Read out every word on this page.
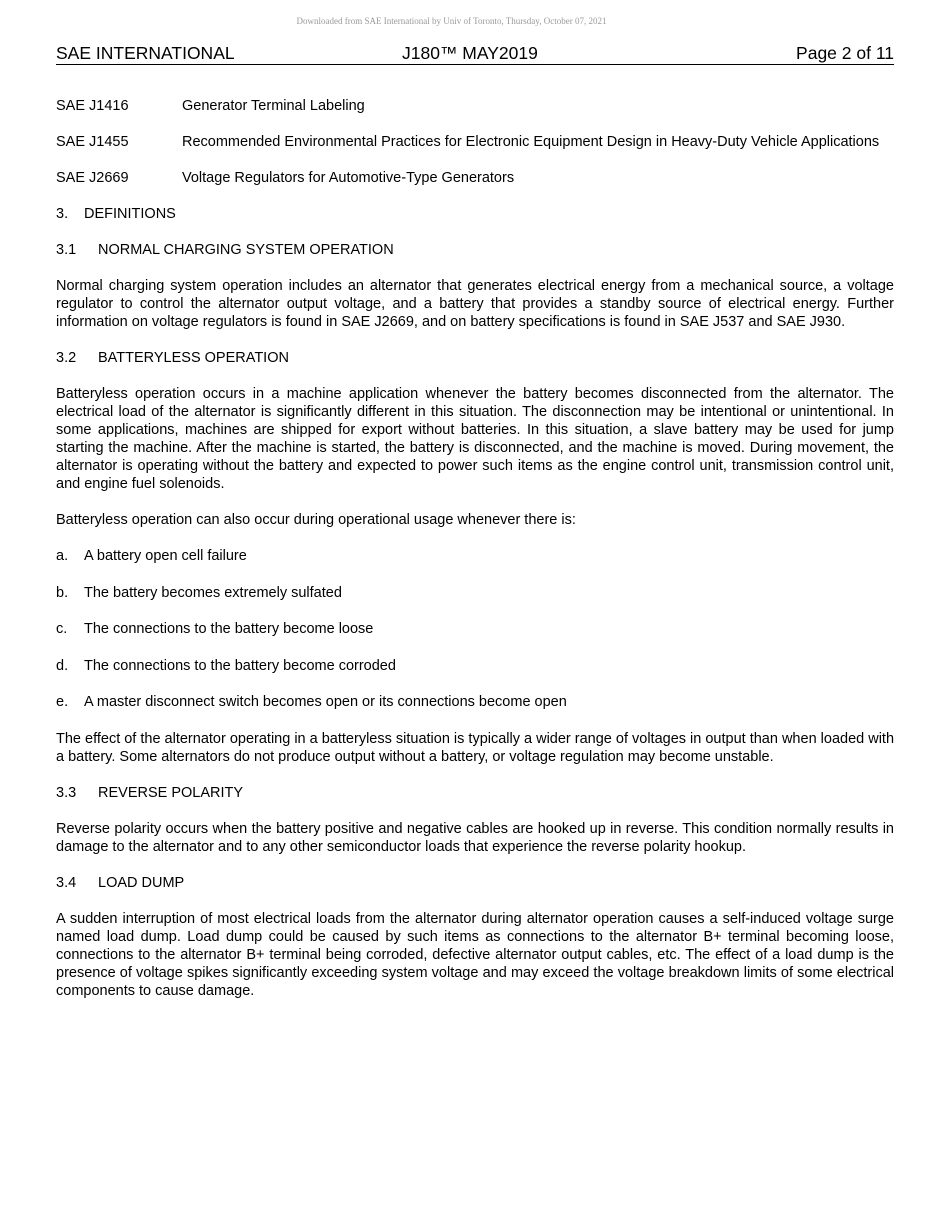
Downloaded from SAE International by Univ of Toronto, Thursday, October 07, 2021
SAE INTERNATIONAL	J180™ MAY2019	Page 2 of 11
SAE J1416	Generator Terminal Labeling
SAE J1455	Recommended Environmental Practices for Electronic Equipment Design in Heavy-Duty Vehicle Applications
SAE J2669	Voltage Regulators for Automotive-Type Generators
3. DEFINITIONS
3.1 NORMAL CHARGING SYSTEM OPERATION

Normal charging system operation includes an alternator that generates electrical energy from a mechanical source, a voltage regulator to control the alternator output voltage, and a battery that provides a standby source of electrical energy. Further information on voltage regulators is found in SAE J2669, and on battery specifications is found in SAE J537 and SAE J930.

3.2 BATTERYLESS OPERATION

Batteryless operation occurs in a machine application whenever the battery becomes disconnected from the alternator. The electrical load of the alternator is significantly different in this situation. The disconnection may be intentional or unintentional. In some applications, machines are shipped for export without batteries. In this situation, a slave battery may be used for jump starting the machine. After the machine is started, the battery is disconnected, and the machine is moved. During movement, the alternator is operating without the battery and expected to power such items as the engine control unit, transmission control unit, and engine fuel solenoids.

Batteryless operation can also occur during operational usage whenever there is:

a. A battery open cell failure
b. The battery becomes extremely sulfated
c. The connections to the battery become loose
d. The connections to the battery become corroded
e. A master disconnect switch becomes open or its connections become open

The effect of the alternator operating in a batteryless situation is typically a wider range of voltages in output than when loaded with a battery. Some alternators do not produce output without a battery, or voltage regulation may become unstable.

3.3 REVERSE POLARITY

Reverse polarity occurs when the battery positive and negative cables are hooked up in reverse. This condition normally results in damage to the alternator and to any other semiconductor loads that experience the reverse polarity hookup.

3.4 LOAD DUMP

A sudden interruption of most electrical loads from the alternator during alternator operation causes a self-induced voltage surge named load dump. Load dump could be caused by such items as connections to the alternator B+ terminal becoming loose, connections to the alternator B+ terminal being corroded, defective alternator output cables, etc. The effect of a load dump is the presence of voltage spikes significantly exceeding system voltage and may exceed the voltage breakdown limits of some electrical components to cause damage.
